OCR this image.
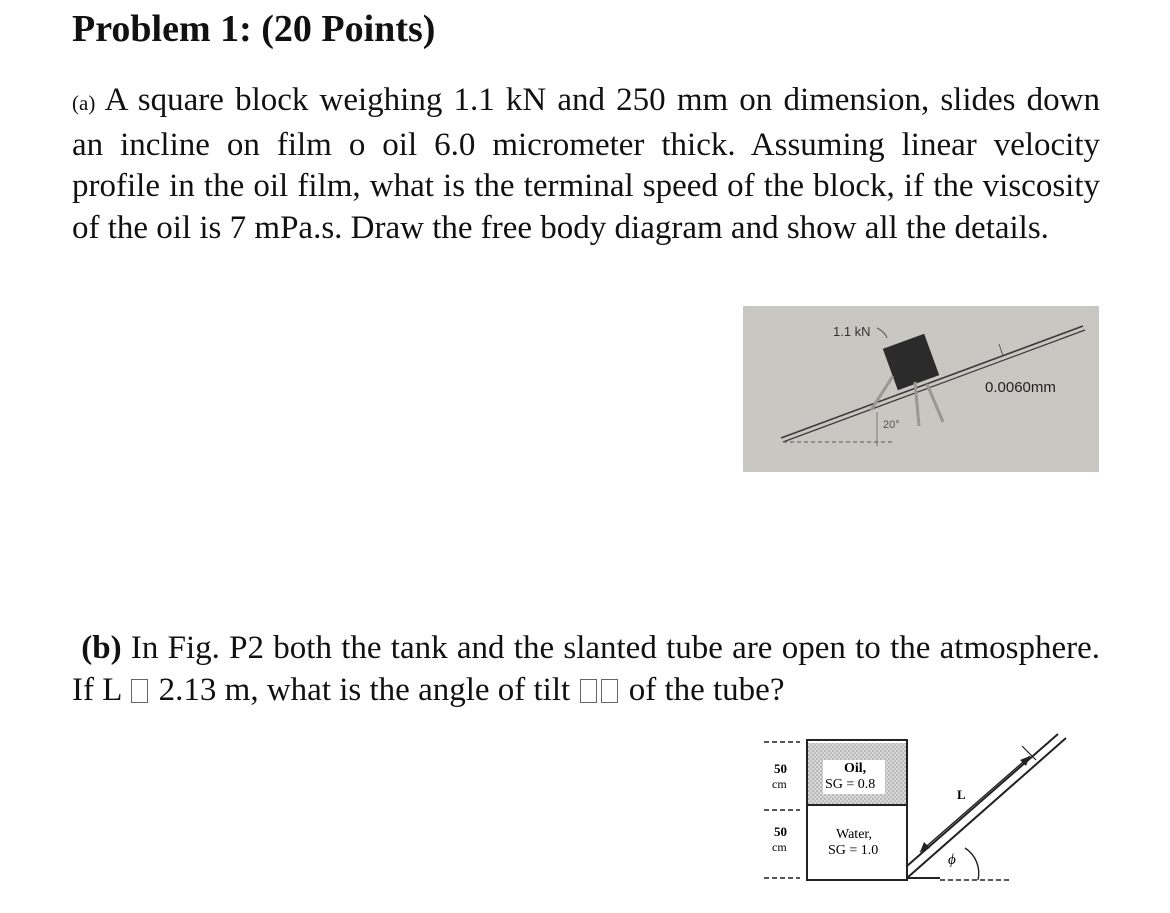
Problem 1: (20 Points)

(a) A square block weighing 1.1 kN and 250 mm on dimension, slides down an incline on film o oil 6.0 micrometer thick. Assuming linear velocity profile in the oil film, what is the terminal speed of the block, if the viscosity of the oil is 7 mPa.s. Draw the free body diagram and show all the details.

1.1 kN
0.0060mm
20°

(b) In Fig. P2 both the tank and the slanted tube are open to the atmosphere. If L 2.13 m, what is the angle of tilt of the tube?

50
cm
50
cm
Oil,
SG = 0.8
Water,
SG = 1.0
L
ϕ
